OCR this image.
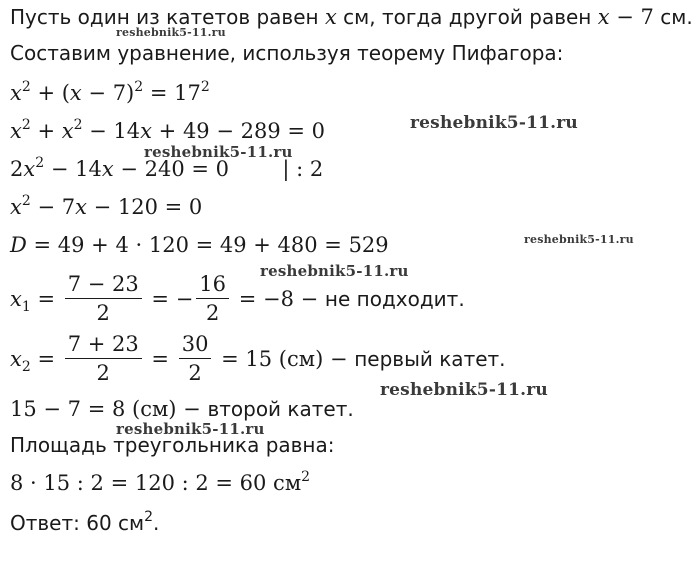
Пусть один из катетов равен x см, тогда другой равен x − 7 см.
reshebnik5-11.ru
Составим уравнение, используя теорему Пифагора:
$x^2 + (x - 7)^2 = 17^2$
$x^2 + x^2 - 14x + 49 - 289 = 0$	reshebnik5-11.ru
reshebnik5-11.ru
$2x^2 - 14x - 240 = 0$        | : 2
$x^2 - 7x - 120 = 0$
D = 49 + 4 · 120 = 49 + 480 = 529	reshebnik5-11.ru
reshebnik5-11.ru
$x_1 = \frac{7 - 23}{2}$ = − $\frac{16}{2} = -8$ − не подходит.
$x_2 = \frac{7 + 23}{2} = \frac{30}{2} = 15$ (см) − первый катет.
reshebnik5-11.ru
15 − 7 = 8 (см) − второй катет.
reshebnik5-11.ru
Площадь треугольника равна:
8 · 15 : 2 = 120 : 2 = 60 $см^2$
Ответ: 60 $см^2$.
